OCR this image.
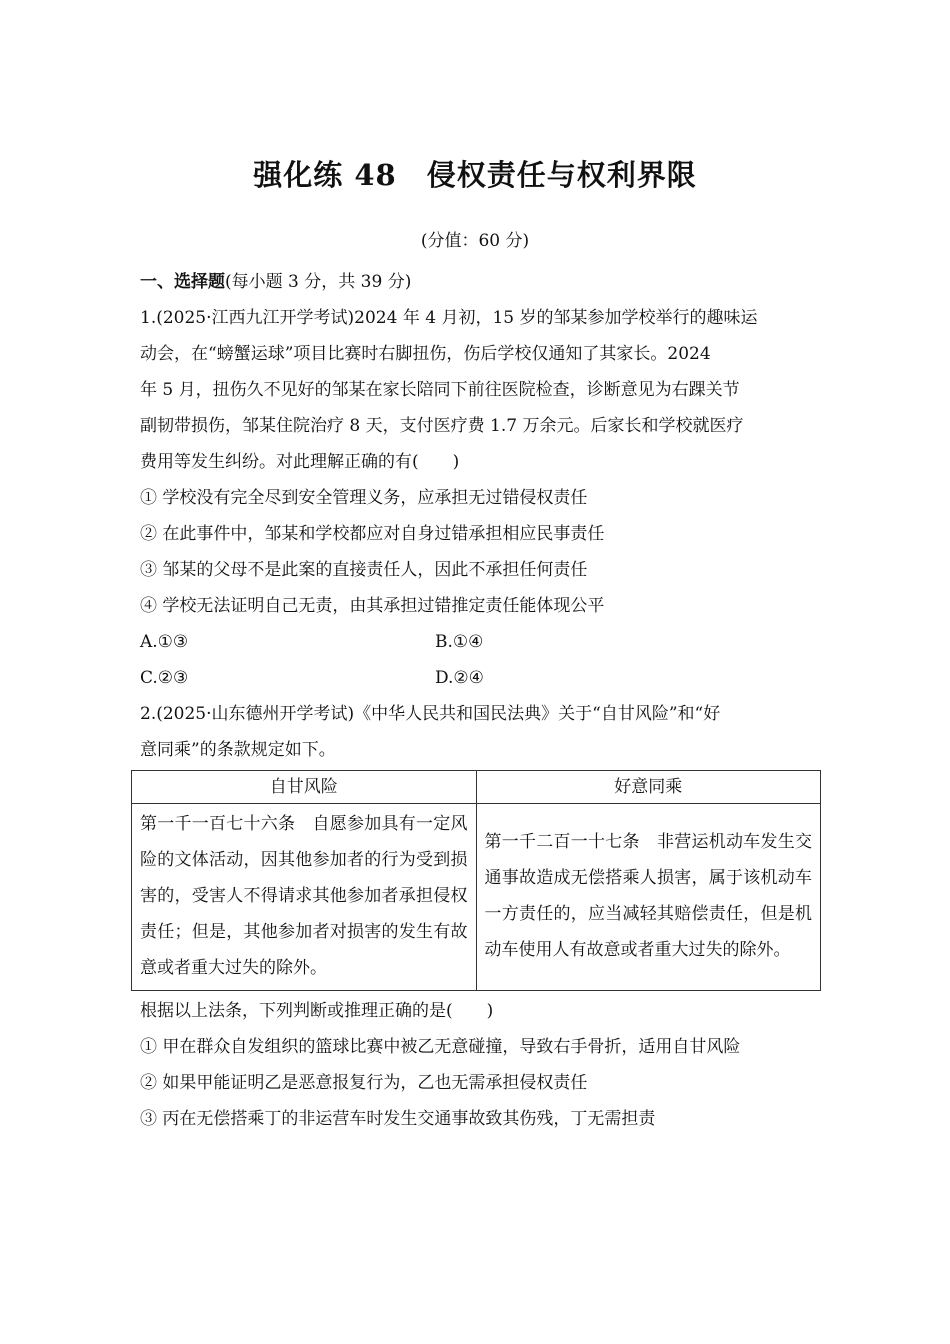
强化练 48　侵权责任与权利界限
(分值：60 分)

一、选择题(每小题 3 分，共 39 分)

1.(2025·江西九江开学考试)2024 年 4 月初，15 岁的邹某参加学校举行的趣味运

动会，在“螃蟹运球”项目比赛时右脚扭伤，伤后学校仅通知了其家长。2024

年 5 月，扭伤久不见好的邹某在家长陪同下前往医院检查，诊断意见为右踝关节

副韧带损伤，邹某住院治疗 8 天，支付医疗费 1.7 万余元。后家长和学校就医疗

费用等发生纠纷。对此理解正确的有(　　)

① 学校没有完全尽到安全管理义务，应承担无过错侵权责任

② 在此事件中，邹某和学校都应对自身过错承担相应民事责任

③ 邹某的父母不是此案的直接责任人，因此不承担任何责任

④ 学校无法证明自己无责，由其承担过错推定责任能体现公平

A.①③	B.①④
C.②③	D.②④

2.(2025·山东德州开学考试)《中华人民共和国民法典》关于“自甘风险”和“好

意同乘”的条款规定如下。

自甘风险	好意同乘
第一千一百七十六条　自愿参加具有一定风险的文体活动，因其他参加者的行为受到损害的，受害人不得请求其他参加者承担侵权责任；但是，其他参加者对损害的发生有故意或者重大过失的除外。	第一千二百一十七条　非营运机动车发生交通事故造成无偿搭乘人损害，属于该机动车一方责任的，应当减轻其赔偿责任，但是机动车使用人有故意或者重大过失的除外。

根据以上法条，下列判断或推理正确的是(　　)

① 甲在群众自发组织的篮球比赛中被乙无意碰撞，导致右手骨折，适用自甘风险

② 如果甲能证明乙是恶意报复行为，乙也无需承担侵权责任

③ 丙在无偿搭乘丁的非运营车时发生交通事故致其伤残，丁无需担责
